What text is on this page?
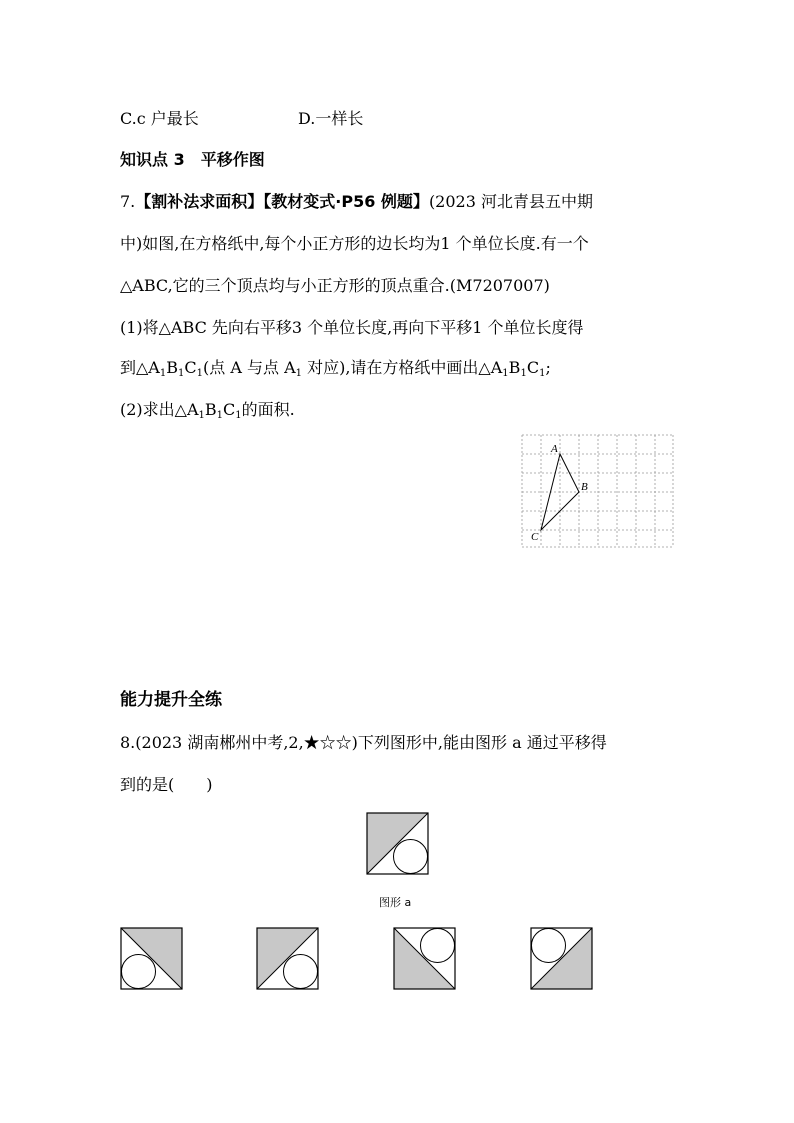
C.c 户最长	D.一样长
知识点 3　平移作图
7.【割补法求面积】【教材变式·P56 例题】(2023 河北青县五中期
中)如图,在方格纸中,每个小正方形的边长均为1 个单位长度.有一个
△ABC,它的三个顶点均与小正方形的顶点重合.(M7207007)
(1)将△ABC 先向右平移3 个单位长度,再向下平移1 个单位长度得
到$\triangle A_1B_1C_1$(点 A 与点 $A_1$ 对应),请在方格纸中画出$\triangle A_1B_1C_1$;
(2)求出$\triangle A_1B_1C_1$的面积.
A
B
C
能力提升全练
8.(2023 湖南郴州中考,2,★☆☆)下列图形中,能由图形 a 通过平移得
到的是(　　)
图形 a
